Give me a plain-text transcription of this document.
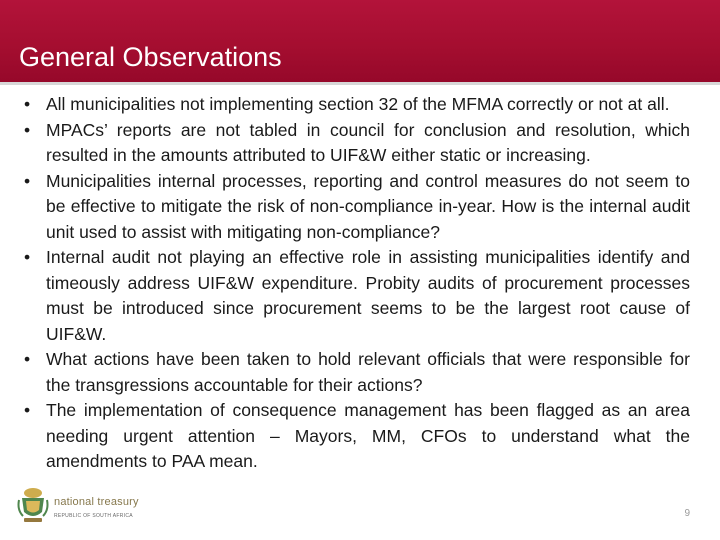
General Observations
• All municipalities not implementing section 32 of the MFMA correctly or not at all.
• MPACs’ reports are not tabled in council for conclusion and resolution, which resulted in the amounts attributed to UIF&W either static or increasing.
• Municipalities internal processes, reporting and control measures do not seem to be effective to mitigate the risk of non-compliance in-year. How is the internal audit unit used to assist with mitigating non-compliance?
• Internal audit not playing an effective role in assisting municipalities identify and timeously address UIF&W expenditure. Probity audits of procurement processes must be introduced since procurement seems to be the largest root cause of UIF&W.
• What actions have been taken to hold relevant officials that were responsible for the transgressions accountable for their actions?
• The implementation of consequence management has been flagged as an area needing urgent attention – Mayors, MM, CFOs to understand what the amendments to PAA mean.
national treasury
REPUBLIC OF SOUTH AFRICA	9
